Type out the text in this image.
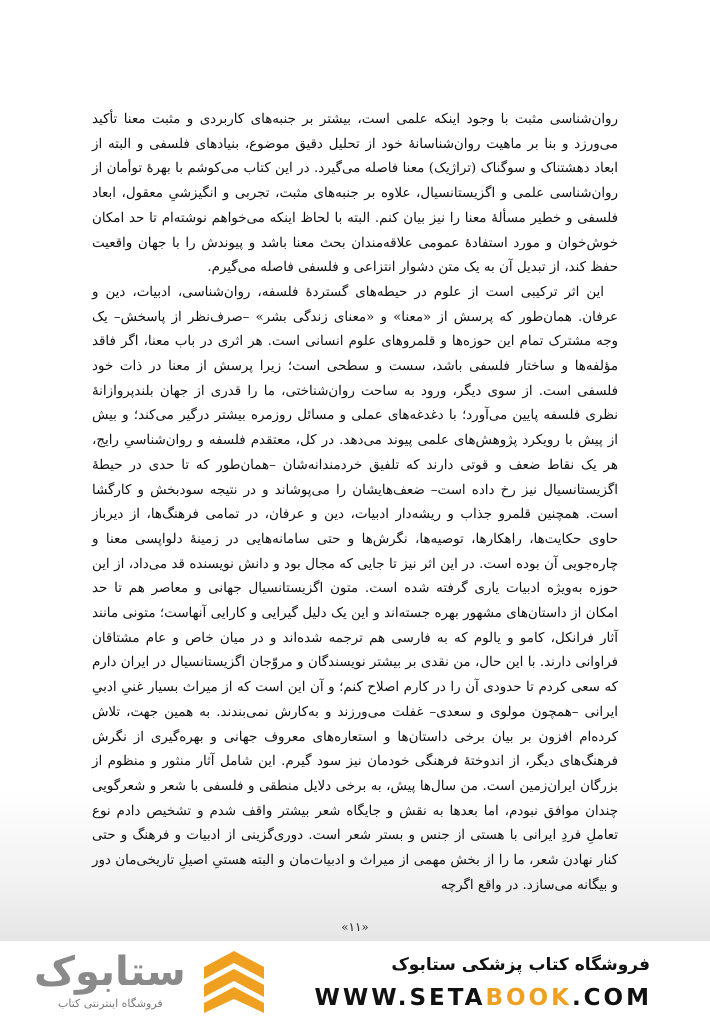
روان‌شناسی مثبت با وجود اینکه علمی است، بیشتر بر جنبه‌های کاربردی و مثبت معنا تأکید می‌ورزد و بنا بر ماهیت روان‌شناسانهٔ خود از تحلیل دقیق موضوع، بنیادهای فلسفی و البته از ابعاد دهشتناک و سوگناک (تراژیک) معنا فاصله می‌گیرد. در این کتاب می‌کوشم با بهرهٔ توأمان از روان‌شناسی علمی و اگزیستانسیال، علاوه بر جنبه‌های مثبت، تجربی و انگیزشیِ معقول، ابعاد فلسفی و خطیر مسألهٔ معنا را نیز بیان کنم. البته با لحاظ اینکه می‌خواهم نوشته‌ام تا حد امکان خوش‌خوان و مورد استفادهٔ عمومی علاقه‌مندان بحث معنا باشد و پیوندش را با جهان واقعیت حفظ کند، از تبدیل آن به یک متن دشوار انتزاعی و فلسفی فاصله می‌گیرم.

این اثر ترکیبی است از علوم در حیطه‌های گستردهٔ فلسفه، روان‌شناسی، ادبیات، دین و عرفان. همان‌طور که پرسش از «معنا» و «معنای زندگی بشر» –صرف‌نظر از پاسخش– یک وجه مشترک تمام این حوزه‌ها و قلمروهای علوم انسانی است. هر اثری در باب معنا، اگر فاقد مؤلفه‌ها و ساختار فلسفی باشد، سست و سطحی است؛ زیرا پرسش از معنا در ذات خود فلسفی است. از سوی دیگر، ورود به ساحت روان‌شناختی، ما را قدری از جهان بلندپروازانهٔ نظری فلسفه پایین می‌آورد؛ با دغدغه‌های عملی و مسائل روزمره بیشتر درگیر می‌کند؛ و بیش از پیش با رویکرد پژوهش‌های علمی پیوند می‌دهد. در کل، معتقدم فلسفه و روان‌شناسیِ رایج، هر یک نقاط ضعف و قوتی دارند که تلفیق خردمندانه‌شان –همان‌طور که تا حدی در حیطهٔ اگزیستانسیال نیز رخ داده است– ضعف‌هایشان را می‌پوشاند و در نتیجه سودبخش و کارگشا است. همچنین قلمرو جذاب و ریشه‌دار ادبیات، دین و عرفان، در تمامی فرهنگ‌ها، از دیرباز حاوی حکایت‌ها، راهکارها، توصیه‌ها، نگرش‌ها و حتی سامانه‌هایی در زمینهٔ دلواپسی معنا و چاره‌جویی آن بوده است. در این اثر نیز تا جایی که مجال بود و دانش نویسنده قد می‌داد، از این حوزه به‌ویژه ادبیات یاری گرفته شده است. متون اگزیستانسیال جهانی و معاصر هم تا حد امکان از داستان‌های مشهور بهره جسته‌اند و این یک دلیل گیرایی و کارایی آنهاست؛ متونی مانند آثار فرانکل، کامو و یالوم که به فارسی هم ترجمه شده‌اند و در میان خاص و عام مشتاقان فراوانی دارند. با این حال، من نقدی بر بیشتر نویسندگان و مروّجان اگزیستانسیال در ایران دارم که سعی کردم تا حدودی آن را در کارم اصلاح کنم؛ و آن این است که از میراث بسیار غنیِ ادبیِ ایرانی –همچون مولوی و سعدی– غفلت می‌ورزند و به‌کارش نمی‌بندند. به همین جهت، تلاش کرده‌ام افزون بر بیان برخی داستان‌ها و استعاره‌های معروف جهانی و بهره‌گیری از نگرش فرهنگ‌های دیگر، از اندوختهٔ فرهنگی خودمان نیز سود گیرم. این شامل آثار منثور و منظوم از بزرگان ایران‌زمین است. من سال‌ها پیش، به برخی دلایل منطقی و فلسفی با شعر و شعرگویی چندان موافق نبودم، اما بعدها به نقش و جایگاه شعر بیشتر واقف شدم و تشخیص دادم نوع تعاملِ فردِ ایرانی با هستی از جنس و بستر شعر است. دوری‌گزینی از ادبیات و فرهنگ و حتی کنار نهادن شعر، ما را از بخش مهمی از میراث و ادبیات‌مان و البته هستیِ اصیلِ تاریخی‌مان دور و بیگانه می‌سازد. در واقع اگرچه

«۱۱»
ستابوک
فروشگاه اینترنتی کتاب
فروشگاه کتاب پزشکی ستابوک
WWW.SETABOOK.COM
